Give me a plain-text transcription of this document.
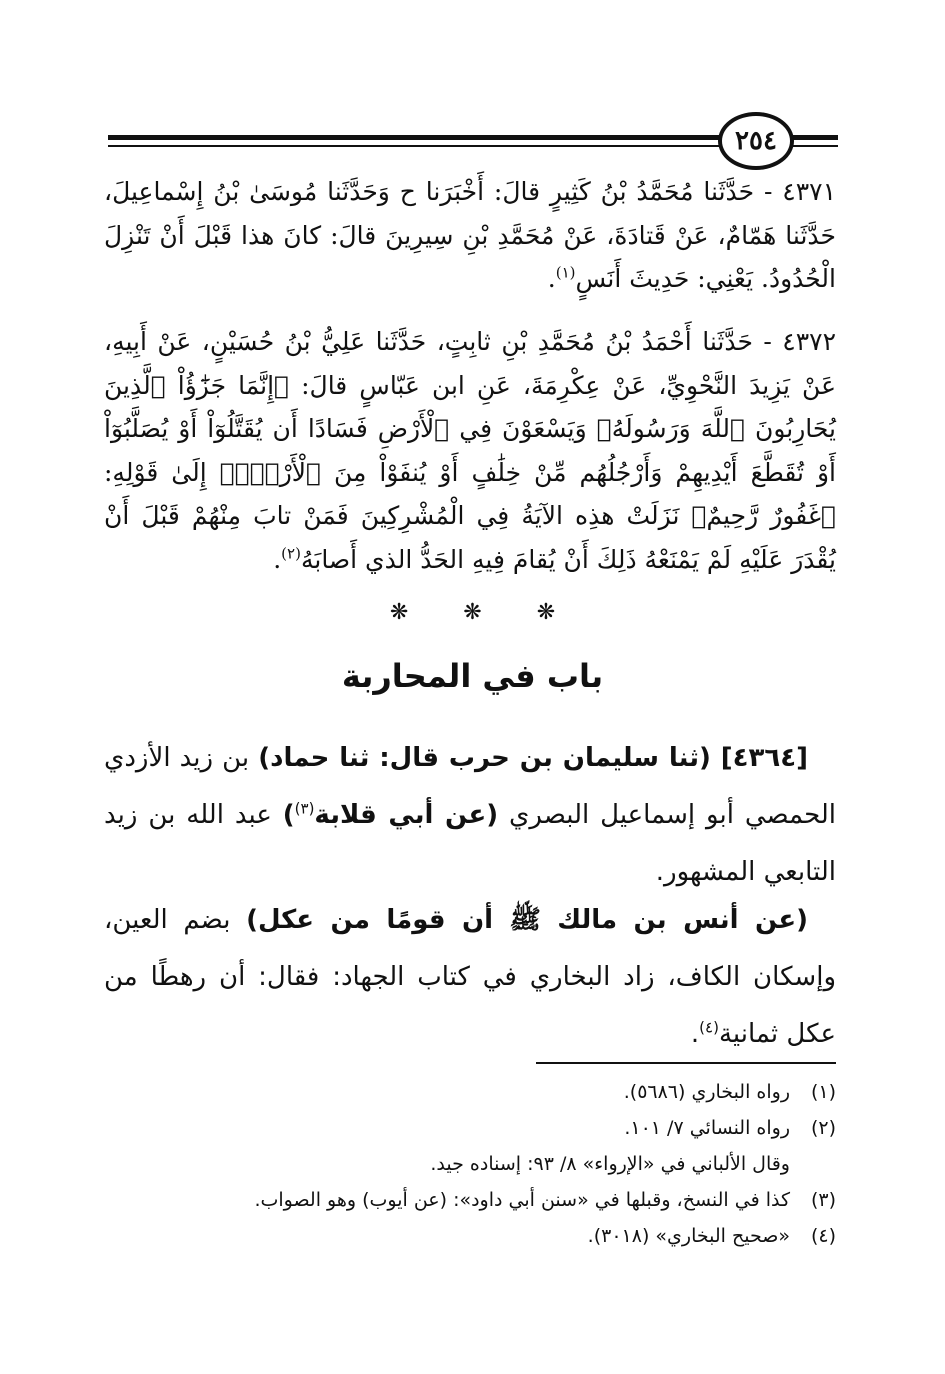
٢٥٤

٤٣٧١ - حَدَّثَنا مُحَمَّدُ بْنُ كَثِيرٍ قالَ: أَخْبَرَنا ح وَحَدَّثَنا مُوسَىٰ بْنُ إِسْماعِيلَ، حَدَّثَنا هَمّامٌ، عَنْ قَتادَةَ، عَنْ مُحَمَّدِ بْنِ سِيرِينَ قالَ: كانَ هذا قَبْلَ أَنْ تَنْزِلَ الْحُدُودُ. يَعْنِي: حَدِيثَ أَنَسٍ$^{(١)}$.

٤٣٧٢ - حَدَّثَنا أَحْمَدُ بْنُ مُحَمَّدِ بْنِ ثابِتٍ، حَدَّثَنا عَلِيُّ بْنُ حُسَيْنٍ، عَنْ أَبِيهِ، عَنْ يَزِيدَ النَّحْوِيِّ، عَنْ عِكْرِمَةَ، عَنِ ابن عَبّاسٍ قالَ: ﴿إِنَّمَا جَزَٰٓؤُاْ ٱلَّذِينَ يُحَارِبُونَ ٱللَّهَ وَرَسُولَهُۥ وَيَسْعَوْنَ فِي ٱلْأَرْضِ فَسَادًا أَن يُقَتَّلُوٓاْ أَوْ يُصَلَّبُوٓاْ أَوْ تُقَطَّعَ أَيْدِيهِمْ وَأَرْجُلُهُم مِّنْ خِلَٰفٍ أَوْ يُنفَوْاْ مِنَ ٱلْأَرْضِۚ﴾ إِلَىٰ قَوْلِهِ: ﴿غَفُورٌ رَّحِيمٌ﴾ نَزَلَتْ هذِه الآيَةُ فِي الْمُشْرِكِينَ فَمَنْ تابَ مِنْهُمْ قَبْلَ أَنْ يُقْدَرَ عَلَيْهِ لَمْ يَمْنَعْهُ ذَلِكَ أَنْ يُقامَ فِيهِ الحَدُّ الذي أَصابَهُ$^{(٢)}$.

❋	❋	❋
باب في المحاربة

[٤٣٦٤] (ثنا سليمان بن حرب قال: ثنا حماد) بن زيد الأزدي الحمصي أبو إسماعيل البصري (عن أبي قلابة$^{(٣)}$) عبد الله بن زيد التابعي المشهور.

(عن أنس بن مالك ﷺ أن قومًا من عكل) بضم العين، وإسكان الكاف، زاد البخاري في كتاب الجهاد: فقال: أن رهطًا من عكل ثمانية$^{(٤)}$.

(١)رواه البخاري (٥٦٨٦).
(٢)رواه النسائي ٧/ ١٠١.
وقال الألباني في «الإرواء» ٨/ ٩٣: إسناده جيد.
(٣)كذا في النسخ، وقبلها في «سنن أبي داود»: (عن أيوب) وهو الصواب.
(٤)«صحيح البخاري» (٣٠١٨).
